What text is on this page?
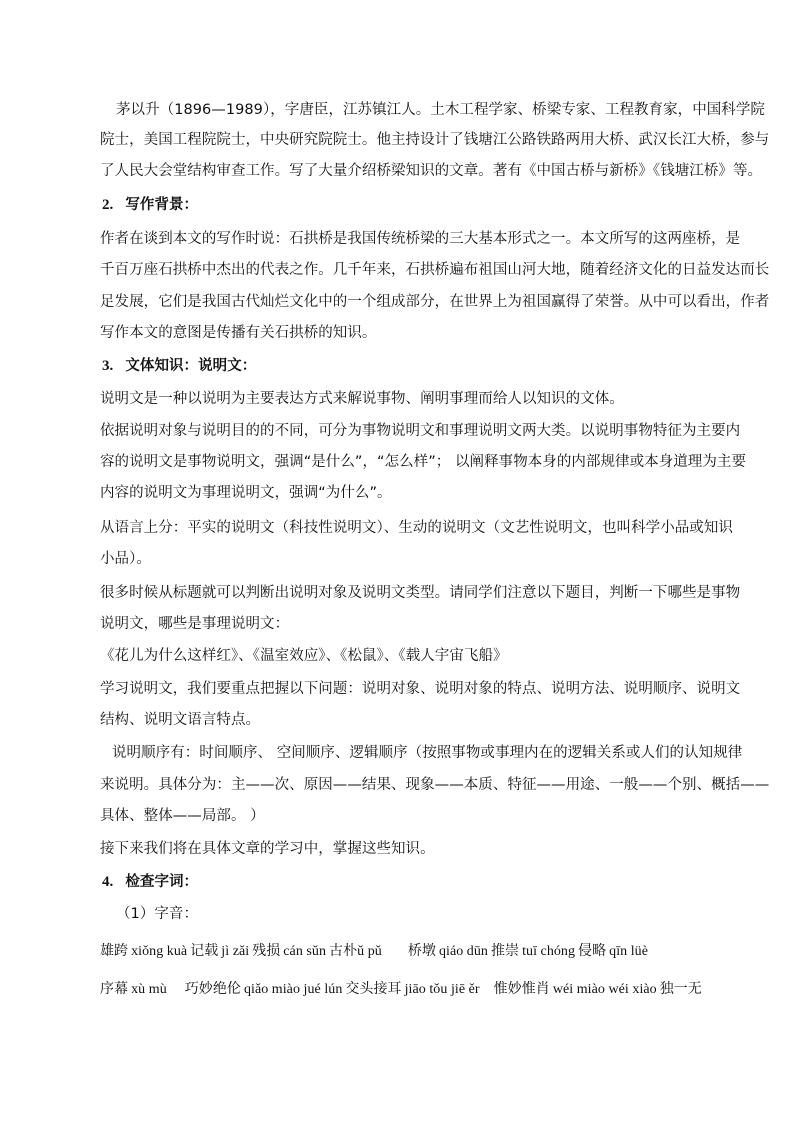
茅以升（1896—1989），字唐臣，江苏镇江人。土木工程学家、桥梁专家、工程教育家，中国科学院
院士，美国工程院院士，中央研究院院士。他主持设计了钱塘江公路铁路两用大桥、武汉长江大桥，参与
了人民大会堂结构审查工作。写了大量介绍桥梁知识的文章。著有《中国古桥与新桥》《钱塘江桥》等。
2. 写作背景：
作者在谈到本文的写作时说：石拱桥是我国传统桥梁的三大基本形式之一。本文所写的这两座桥，是
千百万座石拱桥中杰出的代表之作。几千年来，石拱桥遍布祖国山河大地，随着经济文化的日益发达而长
足发展，它们是我国古代灿烂文化中的一个组成部分，在世界上为祖国赢得了荣誉。从中可以看出，作者
写作本文的意图是传播有关石拱桥的知识。
3. 文体知识：说明文：
说明文是一种以说明为主要表达方式来解说事物、阐明事理而给人以知识的文体。
依据说明对象与说明目的的不同，可分为事物说明文和事理说明文两大类。以说明事物特征为主要内
容的说明文是事物说明文，强调“是什么”，“怎么样”； 以阐释事物本身的内部规律或本身道理为主要
内容的说明文为事理说明文，强调“为什么”。
从语言上分：平实的说明文（科技性说明文）、生动的说明文（文艺性说明文，也叫科学小品或知识
小品）。
很多时候从标题就可以判断出说明对象及说明文类型。请同学们注意以下题目，判断一下哪些是事物
说明文，哪些是事理说明文：
《花儿为什么这样红》、《温室效应》、《松鼠》、《载人宇宙飞船》
学习说明文，我们要重点把握以下问题：说明对象、说明对象的特点、说明方法、说明顺序、说明文
结构、说明文语言特点。
说明顺序有：时间顺序、 空间顺序、逻辑顺序（按照事物或事理内在的逻辑关系或人们的认知规律
来说明。具体分为：主——次、原因——结果、现象——本质、特征——用途、一般——个别、概括——
具体、整体——局部。 ）
接下来我们将在具体文章的学习中，掌握这些知识。
4. 检查字词：
（1）字音：
雄跨 xiǒng kuà 记载 jì zǎi 残损 cán sǔn 古朴ǔ pǔ 桥墩 qiáo dūn 推崇 tuī chóng 侵略 qīn lüè
序幕 xù mù 巧妙绝伦 qiǎo miào jué lún 交头接耳 jiāo tǒu jiē ěr 惟妙惟肖 wéi miào wéi xiào 独一无
